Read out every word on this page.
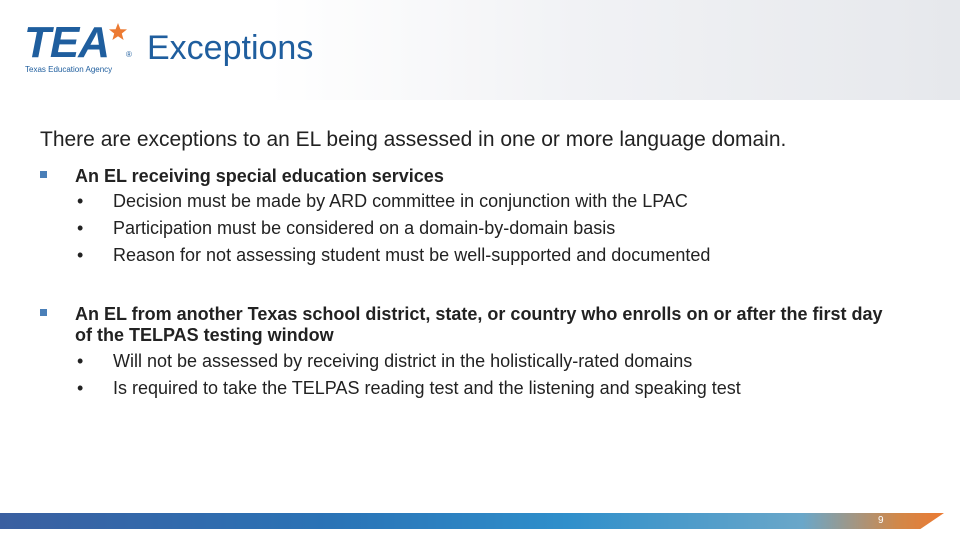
TEA ®
Texas Education Agency
Exceptions
There are exceptions to an EL being assessed in one or more language domain.
An EL receiving special education services
• Decision must be made by ARD committee in conjunction with the LPAC
• Participation must be considered on a domain-by-domain basis
• Reason for not assessing student must be well-supported and documented
An EL from another Texas school district, state, or country who enrolls on or after the first day of the TELPAS testing window
• Will not be assessed by receiving district in the holistically-rated domains
• Is required to take the TELPAS reading test and the listening and speaking test
9
